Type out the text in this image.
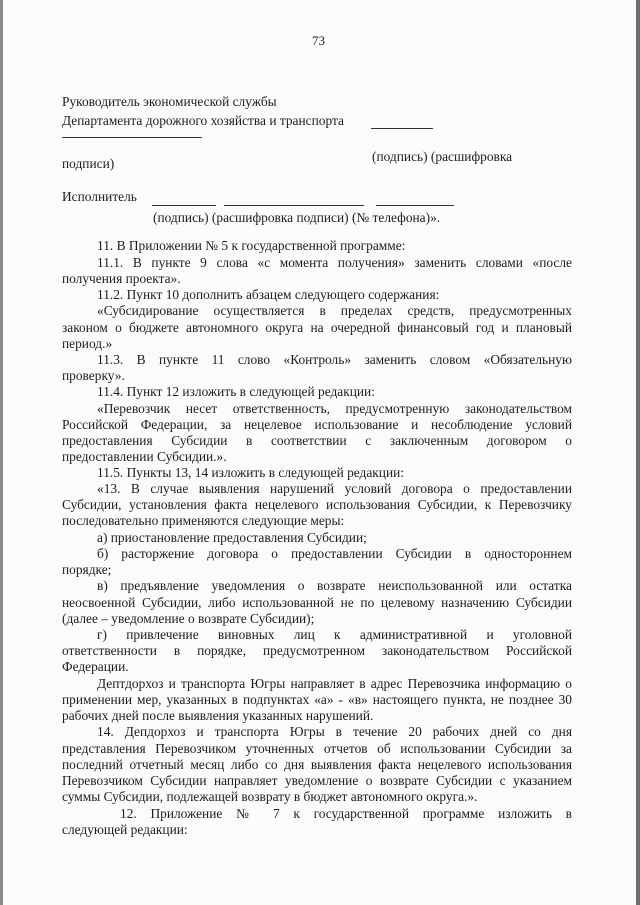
73
Руководитель экономической службы
Департамента дорожного хозяйства и транспорта
(подпись) (расшифровка
подписи)
Исполнитель
(подпись) (расшифровка подписи) (№ телефона)».
11. В Приложении № 5 к государственной программе:
11.1. В пункте 9 слова «с момента получения» заменить словами «после
получения проекта».
11.2. Пункт 10 дополнить абзацем следующего содержания:
«Субсидирование осуществляется в пределах средств, предусмотренных
законом о бюджете автономного округа на очередной финансовый год и плановый
период.»
11.3. В пункте 11 слово «Контроль» заменить словом «Обязательную
проверку».
11.4. Пункт 12 изложить в следующей редакции:
«Перевозчик несет ответственность, предусмотренную законодательством
Российской Федерации, за нецелевое использование и несоблюдение условий
предоставления Субсидии в соответствии с заключенным договором о
предоставлении Субсидии.».
11.5. Пункты 13, 14 изложить в следующей редакции:
«13. В случае выявления нарушений условий договора о предоставлении
Субсидии, установления факта нецелевого использования Субсидии, к Перевозчику
последовательно применяются следующие меры:
а) приостановление предоставления Субсидии;
б) расторжение договора о предоставлении Субсидии в одностороннем
порядке;
в) предъявление уведомления о возврате неиспользованной или остатка
неосвоенной Субсидии, либо использованной не по целевому назначению Субсидии
(далее – уведомление о возврате Субсидии);
г) привлечение виновных лиц к административной и уголовной
ответственности в порядке, предусмотренном законодательством Российской
Федерации.
Дептдорхоз и транспорта Югры направляет в адрес Перевозчика информацию о
применении мер, указанных в подпунктах «а» - «в» настоящего пункта, не позднее 30
рабочих дней после выявления указанных нарушений.
14. Депдорхоз и транспорта Югры в течение 20 рабочих дней со дня
представления Перевозчиком уточненных отчетов об использовании Субсидии за
последний отчетный месяц либо со дня выявления факта нецелевого использования
Перевозчиком Субсидии направляет уведомление о возврате Субсидии с указанием
суммы Субсидии, подлежащей возврату в бюджет автономного округа.».
12. Приложение № 7 к государственной программе изложить в
следующей редакции:
